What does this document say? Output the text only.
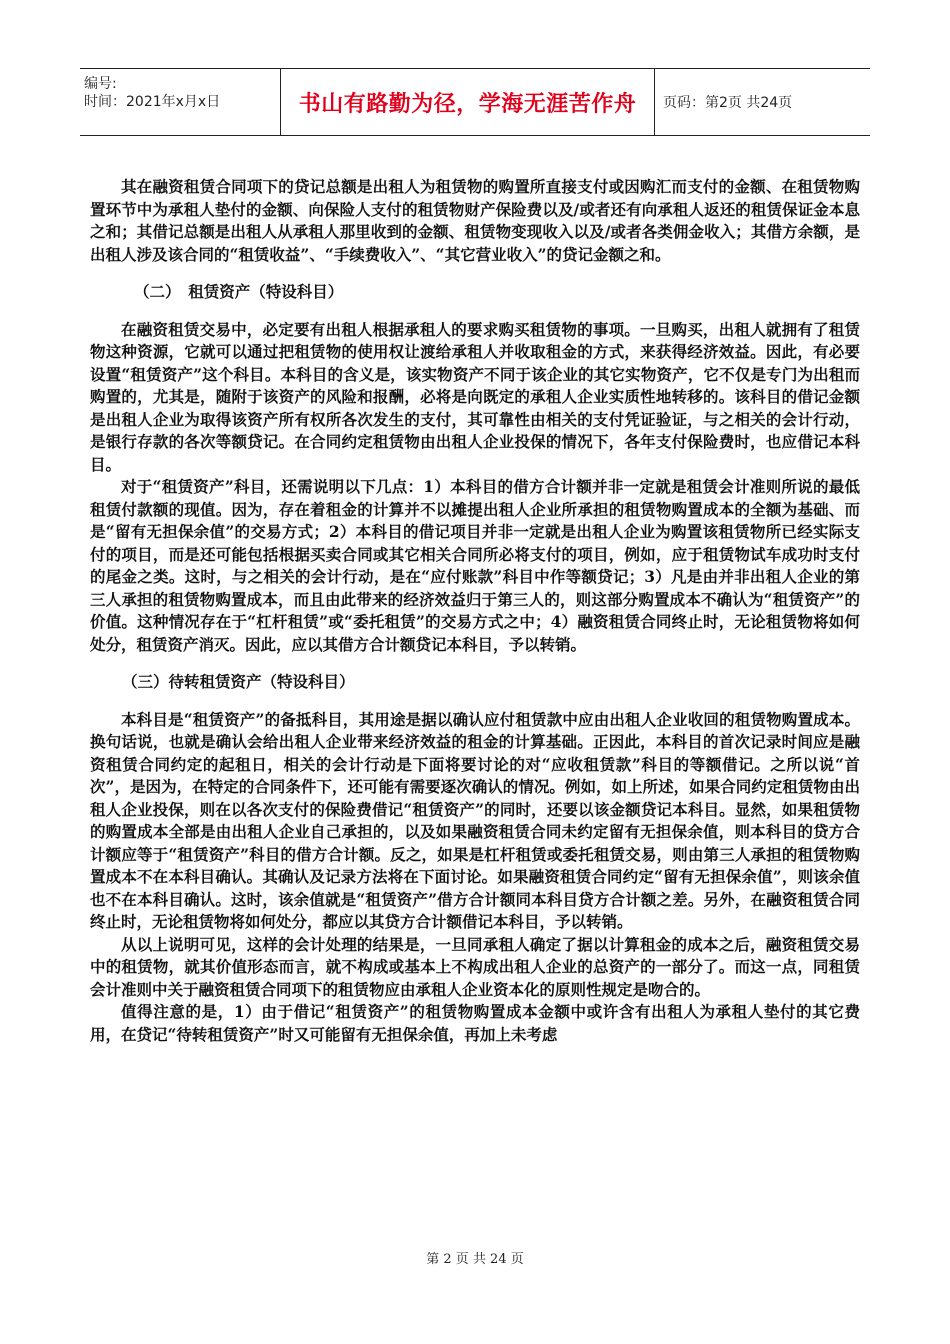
编号:
时间：2021年x月x日	书山有路勤为径，学海无涯苦作舟	页码：第2页 共24页

其在融资租赁合同项下的贷记总额是出租人为租赁物的购置所直接支付或因购汇而支付的金额、在租赁物购置环节中为承租人垫付的金额、向保险人支付的租赁物财产保险费以及/或者还有向承租人返还的租赁保证金本息之和；其借记总额是出租人从承租人那里收到的金额、租赁物变现收入以及/或者各类佣金收入；其借方余额，是出租人涉及该合同的“租赁收益”、“手续费收入”、“其它营业收入”的贷记金额之和。

（二）　租赁资产（特设科目）

在融资租赁交易中，必定要有出租人根据承租人的要求购买租赁物的事项。一旦购买，出租人就拥有了租赁物这种资源，它就可以通过把租赁物的使用权让渡给承租人并收取租金的方式，来获得经济效益。因此，有必要设置“租赁资产”这个科目。本科目的含义是，该实物资产不同于该企业的其它实物资产，它不仅是专门为出租而购置的，尤其是，随附于该资产的风险和报酬，必将是向既定的承租人企业实质性地转移的。该科目的借记金额是出租人企业为取得该资产所有权所各次发生的支付，其可靠性由相关的支付凭证验证，与之相关的会计行动，是银行存款的各次等额贷记。在合同约定租赁物由出租人企业投保的情况下，各年支付保险费时，也应借记本科目。

对于“租赁资产”科目，还需说明以下几点：1）本科目的借方合计额并非一定就是租赁会计准则所说的最低租赁付款额的现值。因为，存在着租金的计算并不以摊提出租人企业所承担的租赁物购置成本的全额为基础、而是“留有无担保余值”的交易方式；2）本科目的借记项目并非一定就是出租人企业为购置该租赁物所已经实际支付的项目，而是还可能包括根据买卖合同或其它相关合同所必将支付的项目，例如，应于租赁物试车成功时支付的尾金之类。这时，与之相关的会计行动，是在“应付账款”科目中作等额贷记；3）凡是由并非出租人企业的第三人承担的租赁物购置成本，而且由此带来的经济效益归于第三人的，则这部分购置成本不确认为“租赁资产”的价值。这种情况存在于“杠杆租赁”或“委托租赁”的交易方式之中；4）融资租赁合同终止时，无论租赁物将如何处分，租赁资产消灭。因此，应以其借方合计额贷记本科目，予以转销。

（三）待转租赁资产（特设科目）

本科目是“租赁资产”的备抵科目，其用途是据以确认应付租赁款中应由出租人企业收回的租赁物购置成本。换句话说，也就是确认会给出租人企业带来经济效益的租金的计算基础。正因此，本科目的首次记录时间应是融资租赁合同约定的起租日，相关的会计行动是下面将要讨论的对“应收租赁款”科目的等额借记。之所以说“首次”，是因为，在特定的合同条件下，还可能有需要逐次确认的情况。例如，如上所述，如果合同约定租赁物由出租人企业投保，则在以各次支付的保险费借记“租赁资产”的同时，还要以该金额贷记本科目。显然，如果租赁物的购置成本全部是由出租人企业自己承担的，以及如果融资租赁合同未约定留有无担保余值，则本科目的贷方合计额应等于“租赁资产”科目的借方合计额。反之，如果是杠杆租赁或委托租赁交易，则由第三人承担的租赁物购置成本不在本科目确认。其确认及记录方法将在下面讨论。如果融资租赁合同约定“留有无担保余值”，则该余值也不在本科目确认。这时，该余值就是“租赁资产”借方合计额同本科目贷方合计额之差。另外，在融资租赁合同终止时，无论租赁物将如何处分，都应以其贷方合计额借记本科目，予以转销。

从以上说明可见，这样的会计处理的结果是，一旦同承租人确定了据以计算租金的成本之后，融资租赁交易中的租赁物，就其价值形态而言，就不构成或基本上不构成出租人企业的总资产的一部分了。而这一点，同租赁会计准则中关于融资租赁合同项下的租赁物应由承租人企业资本化的原则性规定是吻合的。

值得注意的是，1）由于借记“租赁资产”的租赁物购置成本金额中或许含有出租人为承租人垫付的其它费用，在贷记“待转租赁资产”时又可能留有无担保余值，再加上未考虑

第 2 页 共 24 页
